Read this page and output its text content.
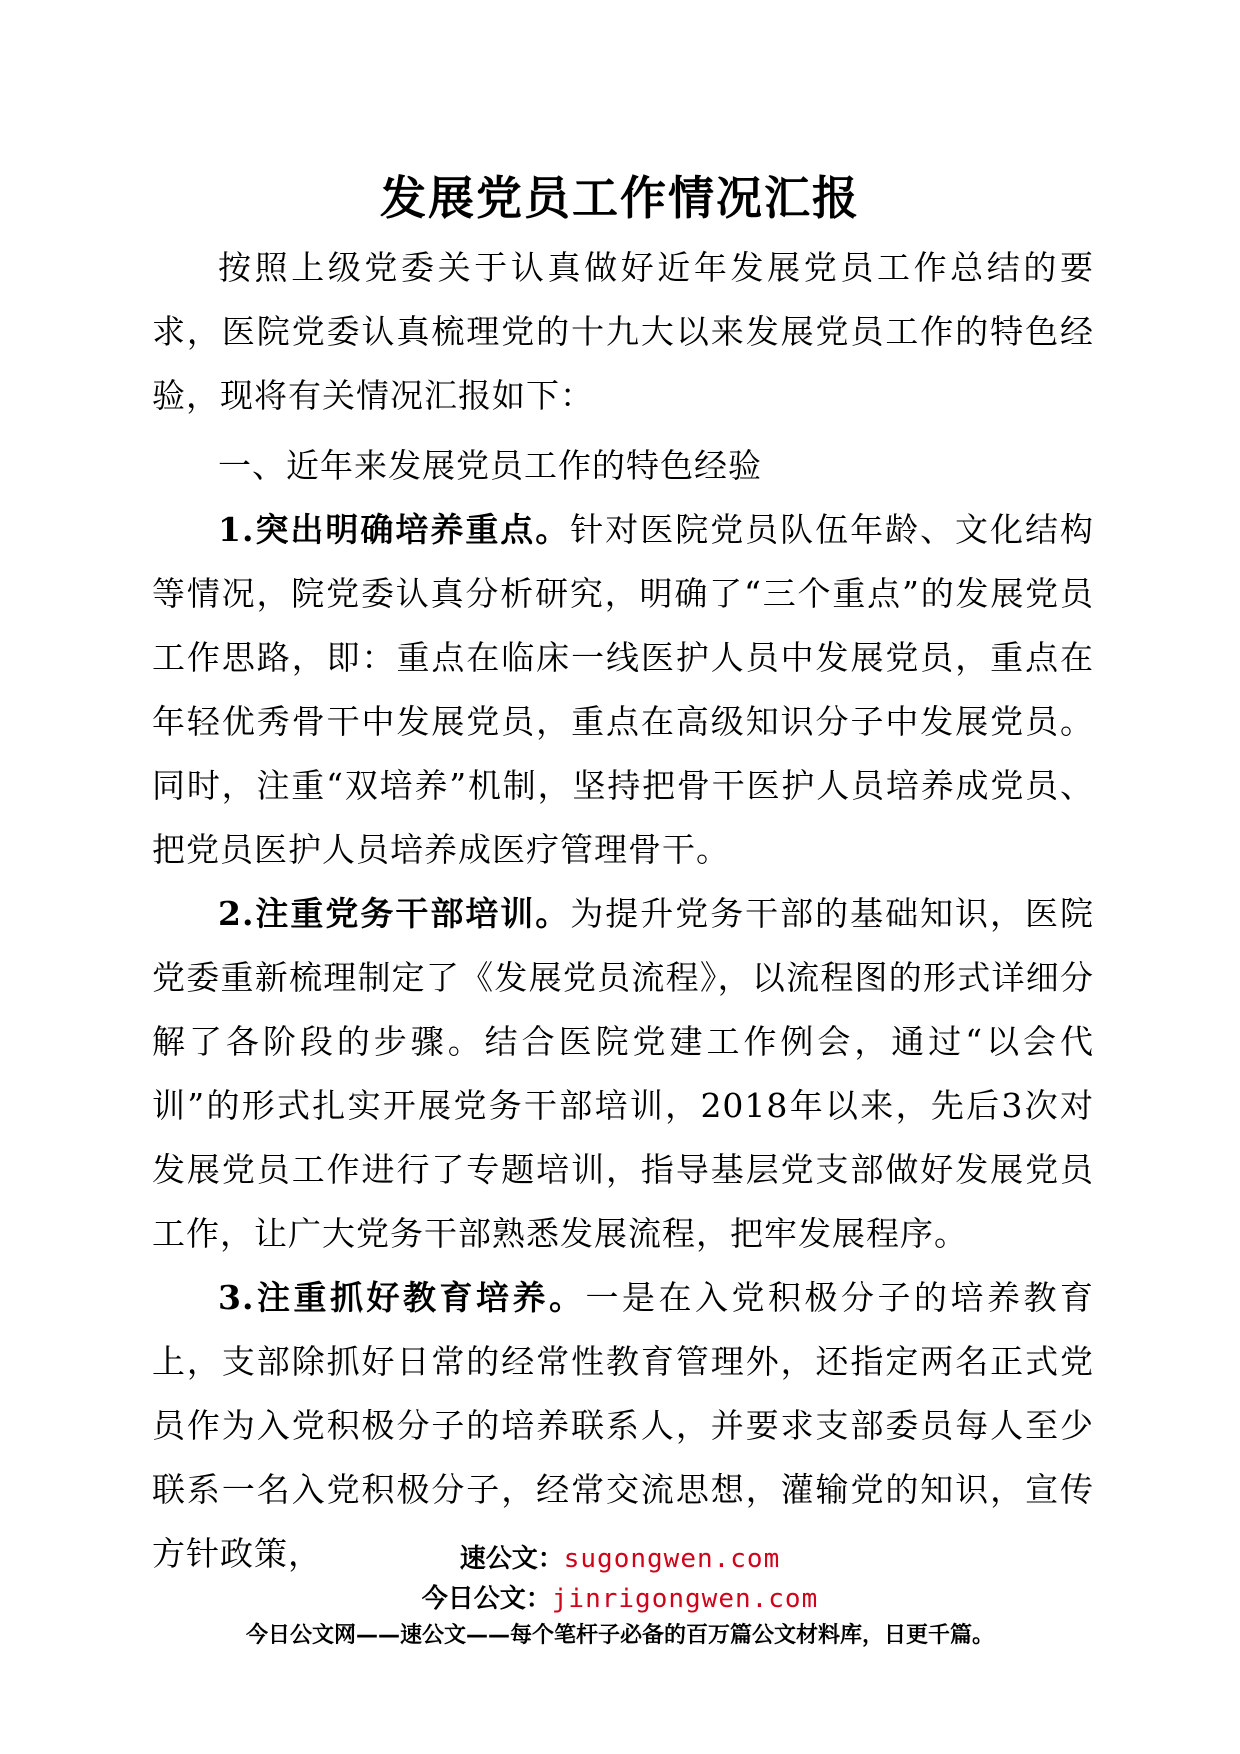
发展党员工作情况汇报

按照上级党委关于认真做好近年发展党员工作总结的要求，医院党委认真梳理党的十九大以来发展党员工作的特色经验，现将有关情况汇报如下：

一、近年来发展党员工作的特色经验

1.突出明确培养重点。针对医院党员队伍年龄、文化结构等情况，院党委认真分析研究，明确了“三个重点”的发展党员工作思路，即：重点在临床一线医护人员中发展党员，重点在年轻优秀骨干中发展党员，重点在高级知识分子中发展党员。同时，注重“双培养”机制，坚持把骨干医护人员培养成党员、把党员医护人员培养成医疗管理骨干。

2.注重党务干部培训。为提升党务干部的基础知识，医院党委重新梳理制定了《发展党员流程》，以流程图的形式详细分解了各阶段的步骤。结合医院党建工作例会，通过“以会代训”的形式扎实开展党务干部培训，2018年以来，先后3次对发展党员工作进行了专题培训，指导基层党支部做好发展党员工作，让广大党务干部熟悉发展流程，把牢发展程序。

3.注重抓好教育培养。一是在入党积极分子的培养教育上，支部除抓好日常的经常性教育管理外，还指定两名正式党员作为入党积极分子的培养联系人，并要求支部委员每人至少联系一名入党积极分子，经常交流思想，灌输党的知识，宣传方针政策，	速公文：sugongwen.com
今日公文：jinrigongwen.com
今日公文网——速公文——每个笔杆子必备的百万篇公文材料库，日更千篇。
